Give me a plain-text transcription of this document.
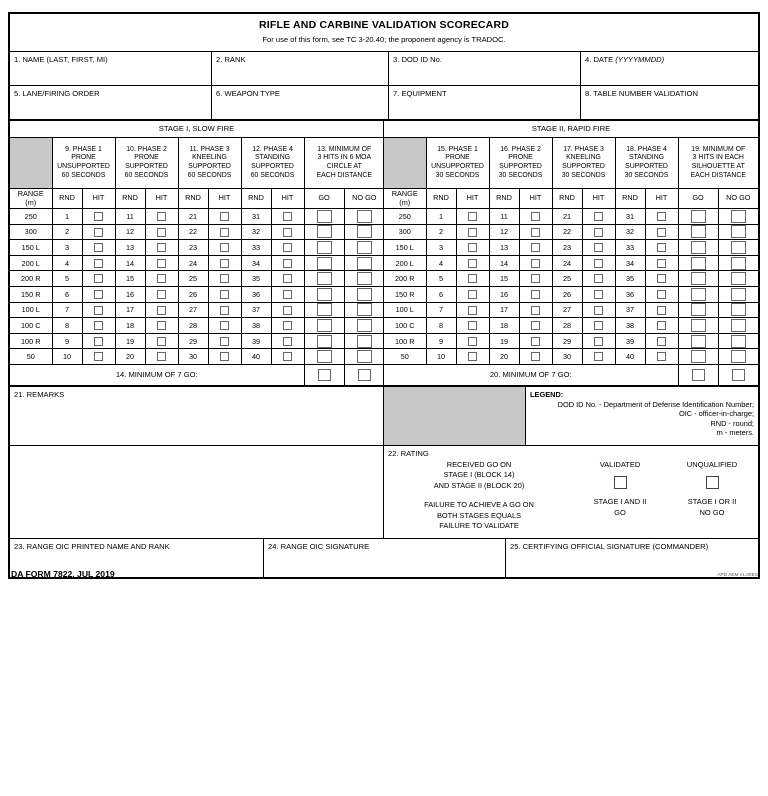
RIFLE AND CARBINE VALIDATION SCORECARD
For use of this form, see TC 3-20.40; the proponent agency is TRADOC.
1. NAME (LAST, FIRST, MI)	2. RANK	3. DOD ID No.	4. DATE (YYYYMMDD)
5. LANE/FIRING ORDER	6. WEAPON TYPE	7. EQUIPMENT	8. TABLE NUMBER VALIDATION
STAGE I, SLOW FIRE
	9. PHASE 1
PRONE
UNSUPPORTED
60 SECONDS		10. PHASE 2
PRONE
SUPPORTED
60 SECONDS		11. PHASE 3
KNEELING
SUPPORTED
60 SECONDS		12. PHASE 4
STANDING
SUPPORTED
60 SECONDS		13. MINIMUM OF
3 HITS IN 6 MOA
CIRCLE AT
EACH DISTANCE	
RANGE
(m)	RND	HIT	RND	HIT	RND	HIT	RND	HIT	GO	NO GO
250	1		11		21		31		

300	2		12		22		32		

150 L	3		13		23		33		

200 L	4		14		24		34		

200 R	5		15		25		35		

150 R	6		16		26		36		

100 L	7		17		27		37		

100 C	8		18		28		38		

100 R	9		19		29		39		

50	10		20		30		40		

14. MINIMUM OF 7 GO:										
STAGE II, RAPID FIRE
	15. PHASE 1
PRONE
UNSUPPORTED
30 SECONDS		16. PHASE 2
PRONE
SUPPORTED
30 SECONDS		17. PHASE 3
KNEELING
SUPPORTED
30 SECONDS		18. PHASE 4
STANDING
SUPPORTED
30 SECONDS		19. MINIMUM OF
3 HITS IN EACH
SILHOUETTE AT
EACH DISTANCE	
RANGE
(m)	RND	HIT	RND	HIT	RND	HIT	RND	HIT	GO	NO GO
250	1		11		21		31		

300	2		12		22		32		

150 L	3		13		23		33		

200 L	4		14		24		34		

200 R	5		15		25		35		

150 R	6		16		26		36		

100 L	7		17		27		37		

100 C	8		18		28		38		

100 R	9		19		29		39		

50	10		20		30		40		

20. MINIMUM OF 7 GO:										
21. REMARKS	LEGEND:
DOD ID No. - Department of Defense Identification Number;
OIC - officer-in-charge;
RND - round;
m - meters.
22. RATING
RECEIVED GO ON
STAGE I (BLOCK 14)
AND STAGE II (BLOCK 20)
FAILURE TO ACHIEVE A GO ON
BOTH STAGES EQUALS
FAILURE TO VALIDATE
VALIDATED
STAGE I AND II
GO
UNQUALIFIED
STAGE I OR II
NO GO
23. RANGE OIC PRINTED NAME AND RANK	24. RANGE OIC SIGNATURE	25. CERTIFYING OFFICIAL SIGNATURE (COMMANDER)
DA FORM 7822, JUL 2019	APD AEM v1.00ES
